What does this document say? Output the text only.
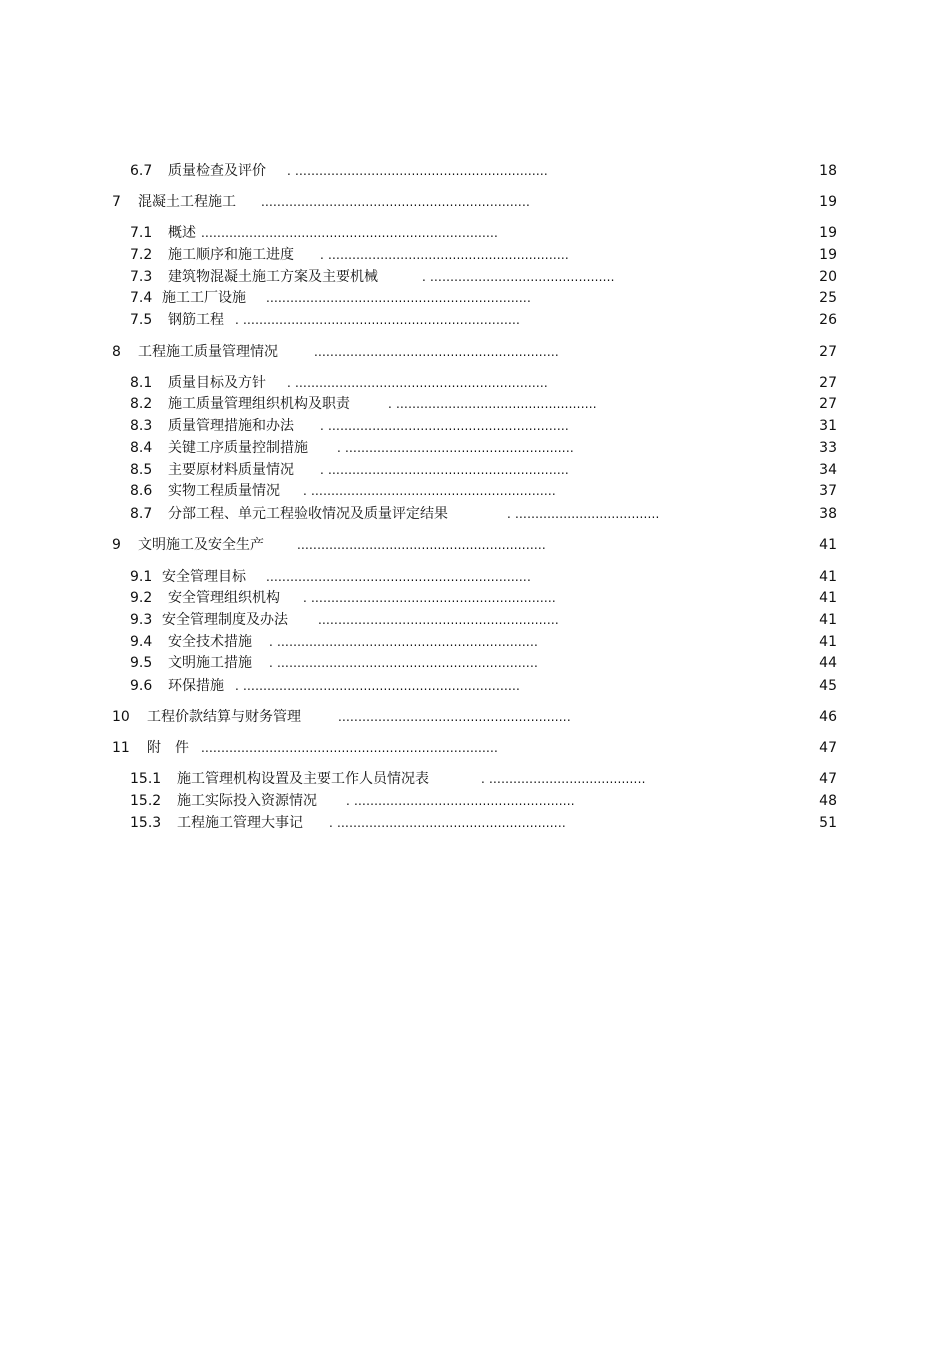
6.7 质量检查及评价 . ...............................................................	18
7 混凝土工程施工 ...................................................................	19
7.1 概述 ..........................................................................	19
7.2 施工顺序和施工进度 . ............................................................	19
7.3 建筑物混凝土施工方案及主要机械	. ..............................................	20
7.4 施工工厂设施 ..................................................................	25
7.5 钢筋工程 . .....................................................................	26
8 工程施工质量管理情况	.............................................................	27
8.1 质量目标及方针 . ...............................................................	27
8.2 施工质量管理组织机构及职责	. ..................................................	27
8.3 质量管理措施和办法 . ............................................................	31
8.4 关键工序质量控制措施 . .........................................................	33
8.5 主要原材料质量情况 . ............................................................	34
8.6 实物工程质量情况 . .............................................................	37
8.7 分部工程、单元工程验收情况及质量评定结果	. ....................................	38
9 文明施工及安全生产	..............................................................	41
9.1 安全管理目标 ..................................................................	41
9.2 安全管理组织机构 . .............................................................	41
9.3 安全管理制度及办法	............................................................	41
9.4 安全技术措施 . .................................................................	41
9.5 文明施工措施 . .................................................................	44
9.6 环保措施 . .....................................................................	45
10 工程价款结算与财务管理	..........................................................	46
11 附　件 ..........................................................................	47
15.1 施工管理机构设置及主要工作人员情况表	. .......................................	47
15.2 施工实际投入资源情况 . .......................................................	48
15.3 工程施工管理大事记 . .........................................................	51
